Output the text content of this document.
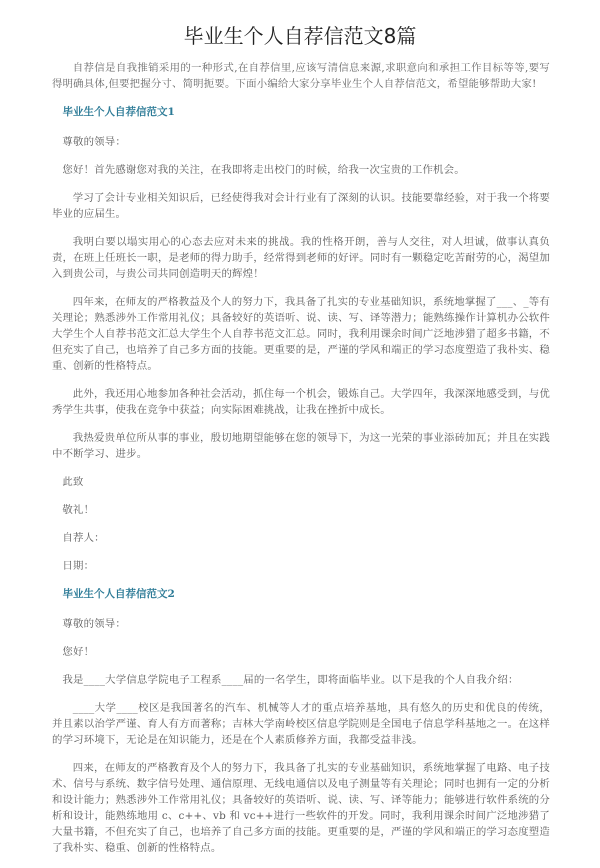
毕业生个人自荐信范文8篇

自荐信是自我推销采用的一种形式,在自荐信里,应该写清信息来源,求职意向和承担工作目标等等,要写得明确具体,但要把握分寸、简明扼要。下面小编给大家分享毕业生个人自荐信范文，希望能够帮助大家!

毕业生个人自荐信范文1

尊敬的领导：

您好！首先感谢您对我的关注，在我即将走出校门的时候，给我一次宝贵的工作机会。

学习了会计专业相关知识后，已经使得我对会计行业有了深刻的认识。技能要靠经验，对于我一个将要毕业的应届生。

我明白要以塌实用心的心态去应对未来的挑战。我的性格开朗，善与人交往，对人坦诚，做事认真负责，在班上任班长一职，是老师的得力助手，经常得到老师的好评。同时有一颗稳定吃苦耐劳的心，渴望加入到贵公司，与贵公司共同创造明天的辉煌！

四年来，在师友的严格教益及个人的努力下，我具备了扎实的专业基础知识，系统地掌握了___、_等有关理论；熟悉涉外工作常用礼仪；具备较好的英语听、说、读、写、译等潜力；能熟练操作计算机办公软件大学生个人自荐书范文汇总大学生个人自荐书范文汇总。同时，我利用课余时间广泛地涉猎了超多书籍，不但充实了自己，也培养了自己多方面的技能。更重要的是，严谨的学风和端正的学习态度塑造了我朴实、稳重、创新的性格特点。

此外，我还用心地参加各种社会活动，抓住每一个机会，锻炼自己。大学四年，我深深地感受到，与优秀学生共事，使我在竞争中获益；向实际困难挑战，让我在挫折中成长。

我热爱贵单位所从事的事业，殷切地期望能够在您的领导下，为这一光荣的事业添砖加瓦；并且在实践中不断学习、进步。

此致

敬礼！

自荐人：

日期：

毕业生个人自荐信范文2

尊敬的领导：

您好！

我是____大学信息学院电子工程系____届的一名学生，即将面临毕业。以下是我的个人自我介绍：

____大学____校区是我国著名的汽车、机械等人才的重点培养基地，具有悠久的历史和优良的传统，并且素以治学严谨、育人有方而著称；吉林大学南岭校区信息学院则是全国电子信息学科基地之一。在这样的学习环境下，无论是在知识能力，还是在个人素质修养方面，我都受益非浅。

四来，在师友的严格教育及个人的努力下，我具备了扎实的专业基础知识，系统地掌握了电路、电子技术、信号与系统、数字信号处理、通信原理、无线电通信以及电子测量等有关理论；同时也拥有一定的分析和设计能力；熟悉涉外工作常用礼仪；具备较好的英语听、说、读、写、译等能力；能够进行软件系统的分析和设计，能熟练地用 c、c++、vb 和 vc++进行一些软件的开发。同时，我利用课余时间广泛地涉猎了大量书籍，不但充实了自己，也培养了自己多方面的技能。更重要的是，严谨的学风和端正的学习态度塑造了我朴实、稳重、创新的性格特点。
